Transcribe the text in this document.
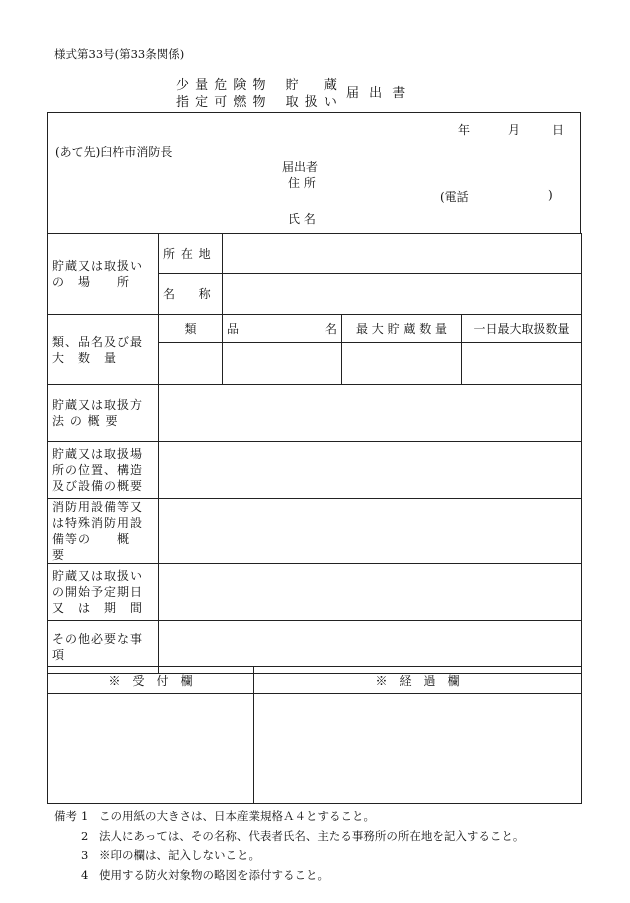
様式第33号(第33条関係)
少 量 危 険 物 　貯 　 蔵
指 定 可 燃 物 　取 扱 い
届 出 書
年	月	日
(あて先)臼杵市消防長
届出者
住 所
(電話	)
氏 名
貯蔵又は取扱いの　場　　所	所 在 地			

	名 　 称			

類、品名及び最　大　数　量	類	品 名	最 大 貯 蔵 数 量	一日最大取扱数量

貯蔵又は取扱方 法 の 概 要				

貯蔵又は取扱場所の位置、構造及び設備の概要				

消防用設備等又は特殊消防用設備等の　　概　　要				

貯蔵又は取扱いの開始予定期日又　は　期　間				

その他必要な事項				

※　受　付　欄	※　経　過　欄

備考 1 この用紙の大きさは、日本産業規格Ａ４とすること。
2 法人にあっては、その名称、代表者氏名、主たる事務所の所在地を記入すること。
3 ※印の欄は、記入しないこと。
4 使用する防火対象物の略図を添付すること。
